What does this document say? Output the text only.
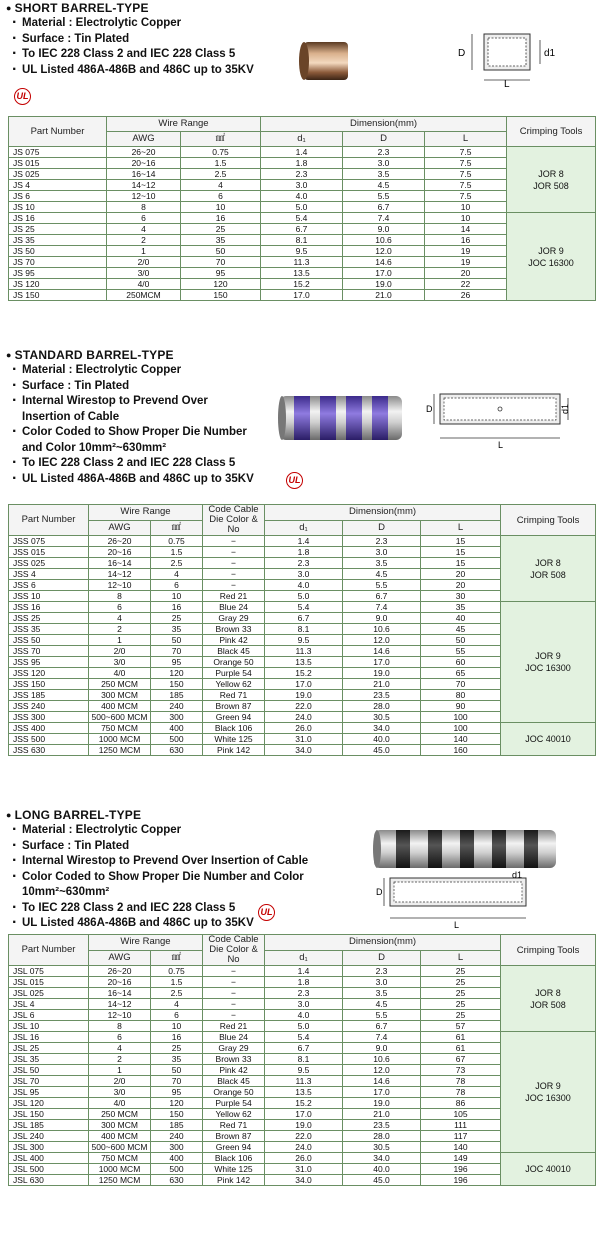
● SHORT BARREL-TYPE
· Material : Electrolytic Copper
· Surface : Tin Plated
· To IEC 228 Class 2 and IEC 228 Class 5
· UL Listed 486A-486B and 486C up to 35KV
UL
D	d1
L
Part Number	Wire Range		Dimension(mm)			Crimping Tools
	AWG	㎟	d₁	D	L	
JS 075	26~20	0.75	1.4	2.3	7.5	JOR 8
JOR 508
JS 015	20~16	1.5	1.8	3.0	7.5	
JS 025	16~14	2.5	2.3	3.5	7.5	
JS 4	14~12	4	3.0	4.5	7.5	
JS 6	12~10	6	4.0	5.5	7.5	
JS 10	8	10	5.0	6.7	10	
JS 16	6	16	5.4	7.4	10	JOR 9
JOC 16300
JS 25	4	25	6.7	9.0	14	
JS 35	2	35	8.1	10.6	16	
JS 50	1	50	9.5	12.0	19	
JS 70	2/0	70	11.3	14.6	19	
JS 95	3/0	95	13.5	17.0	20	
JS 120	4/0	120	15.2	19.0	22	
JS 150	250MCM	150	17.0	21.0	26	
● STANDARD BARREL-TYPE
· Material : Electrolytic Copper
· Surface : Tin Plated
· Internal Wirestop to Prevend Over Insertion of Cable
· Color Coded to Show Proper Die Number and Color 10mm²~630mm²
· To IEC 228 Class 2 and IEC 228 Class 5
· UL Listed 486A-486B and 486C up to 35KV	UL
D	d1
L
Part Number	Wire Range		Code Cable Die Color & No	Dimension(mm)			Crimping Tools
	AWG	㎟		d₁	D	L	
JSS 075	26~20	0.75	−	1.4	2.3	15	JOR 8
JOR 508
JSS 015	20~16	1.5	−	1.8	3.0	15	
JSS 025	16~14	2.5	−	2.3	3.5	15	
JSS 4	14~12	4	−	3.0	4.5	20	
JSS 6	12~10	6	−	4.0	5.5	20	
JSS 10	8	10	Red 21	5.0	6.7	30	
JSS 16	6	16	Blue 24	5.4	7.4	35	JOR 9
JOC 16300
JSS 25	4	25	Gray 29	6.7	9.0	40	
JSS 35	2	35	Brown 33	8.1	10.6	45	
JSS 50	1	50	Pink 42	9.5	12.0	50	
JSS 70	2/0	70	Black 45	11.3	14.6	55	
JSS 95	3/0	95	Orange 50	13.5	17.0	60	
JSS 120	4/0	120	Purple 54	15.2	19.0	65	
JSS 150	250 MCM	150	Yellow 62	17.0	21.0	70	
JSS 185	300 MCM	185	Red 71	19.0	23.5	80	
JSS 240	400 MCM	240	Brown 87	22.0	28.0	90	
JSS 300	500~600 MCM	300	Green 94	24.0	30.5	100	
JSS 400	750 MCM	400	Black 106	26.0	34.0	100	JOC 40010
JSS 500	1000 MCM	500	White 125	31.0	40.0	140	
JSS 630	1250 MCM	630	Pink 142	34.0	45.0	160	
● LONG BARREL-TYPE
· Material : Electrolytic Copper
· Surface : Tin Plated
· Internal Wirestop to Prevend Over Insertion of Cable
· Color Coded to Show Proper Die Number and Color 10mm²~630mm²
· To IEC 228 Class 2 and IEC 228 Class 5
· UL Listed 486A-486B and 486C up to 35KV
UL
D
d1
L
Part Number	Wire Range		Code Cable Die Color & No	Dimension(mm)			Crimping Tools
	AWG	㎟		d₁	D	L	
JSL 075	26~20	0.75	−	1.4	2.3	25	JOR 8
JOR 508
JSL 015	20~16	1.5	−	1.8	3.0	25	
JSL 025	16~14	2.5	−	2.3	3.5	25	
JSL 4	14~12	4	−	3.0	4.5	25	
JSL 6	12~10	6	−	4.0	5.5	25	
JSL 10	8	10	Red 21	5.0	6.7	57	
JSL 16	6	16	Blue 24	5.4	7.4	61	JOR 9
JOC 16300
JSL 25	4	25	Gray 29	6.7	9.0	61	
JSL 35	2	35	Brown 33	8.1	10.6	67	
JSL 50	1	50	Pink 42	9.5	12.0	73	
JSL 70	2/0	70	Black 45	11.3	14.6	78	
JSL 95	3/0	95	Orange 50	13.5	17.0	78	
JSL 120	4/0	120	Purple 54	15.2	19.0	86	
JSL 150	250 MCM	150	Yellow 62	17.0	21.0	105	
JSL 185	300 MCM	185	Red 71	19.0	23.5	111	
JSL 240	400 MCM	240	Brown 87	22.0	28.0	117	
JSL 300	500~600 MCM	300	Green 94	24.0	30.5	140	
JSL 400	750 MCM	400	Black 106	26.0	34.0	149	JOC 40010
JSL 500	1000 MCM	500	White 125	31.0	40.0	196	
JSL 630	1250 MCM	630	Pink 142	34.0	45.0	196	
